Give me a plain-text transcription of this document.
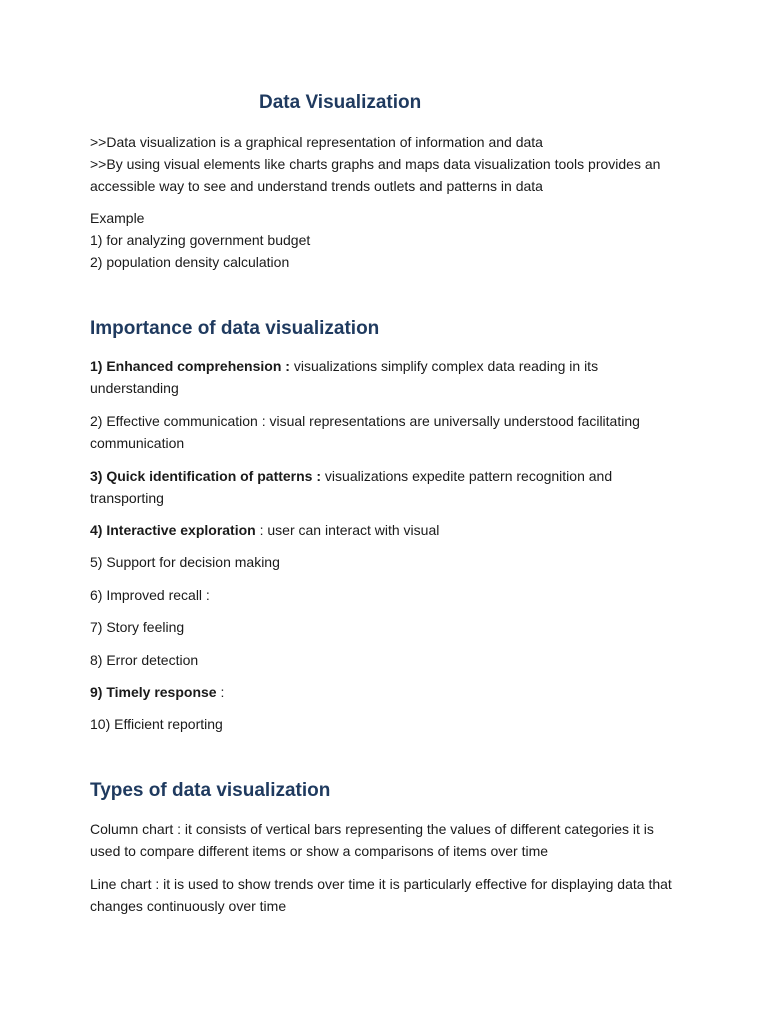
Data Visualization
>>Data visualization is a graphical representation of information and data
>>By using visual elements like charts graphs and maps data visualization tools provides an accessible way to see and understand trends outlets and patterns in data
Example
1) for analyzing government budget
2) population density calculation
Importance of data visualization
1) Enhanced comprehension : visualizations simplify complex data reading in its understanding
2) Effective communication : visual representations are universally understood facilitating communication
3) Quick identification of patterns : visualizations expedite pattern recognition and transporting
4) Interactive exploration : user can interact with visual
5) Support for decision making
6) Improved recall :
7) Story feeling
8) Error detection
9) Timely response :
10) Efficient reporting
Types of data visualization
Column chart : it consists of vertical bars representing the values of different categories it is used to compare different items or show a comparisons of items over time
Line chart : it is used to show trends over time it is particularly effective for displaying data that changes continuously over time
